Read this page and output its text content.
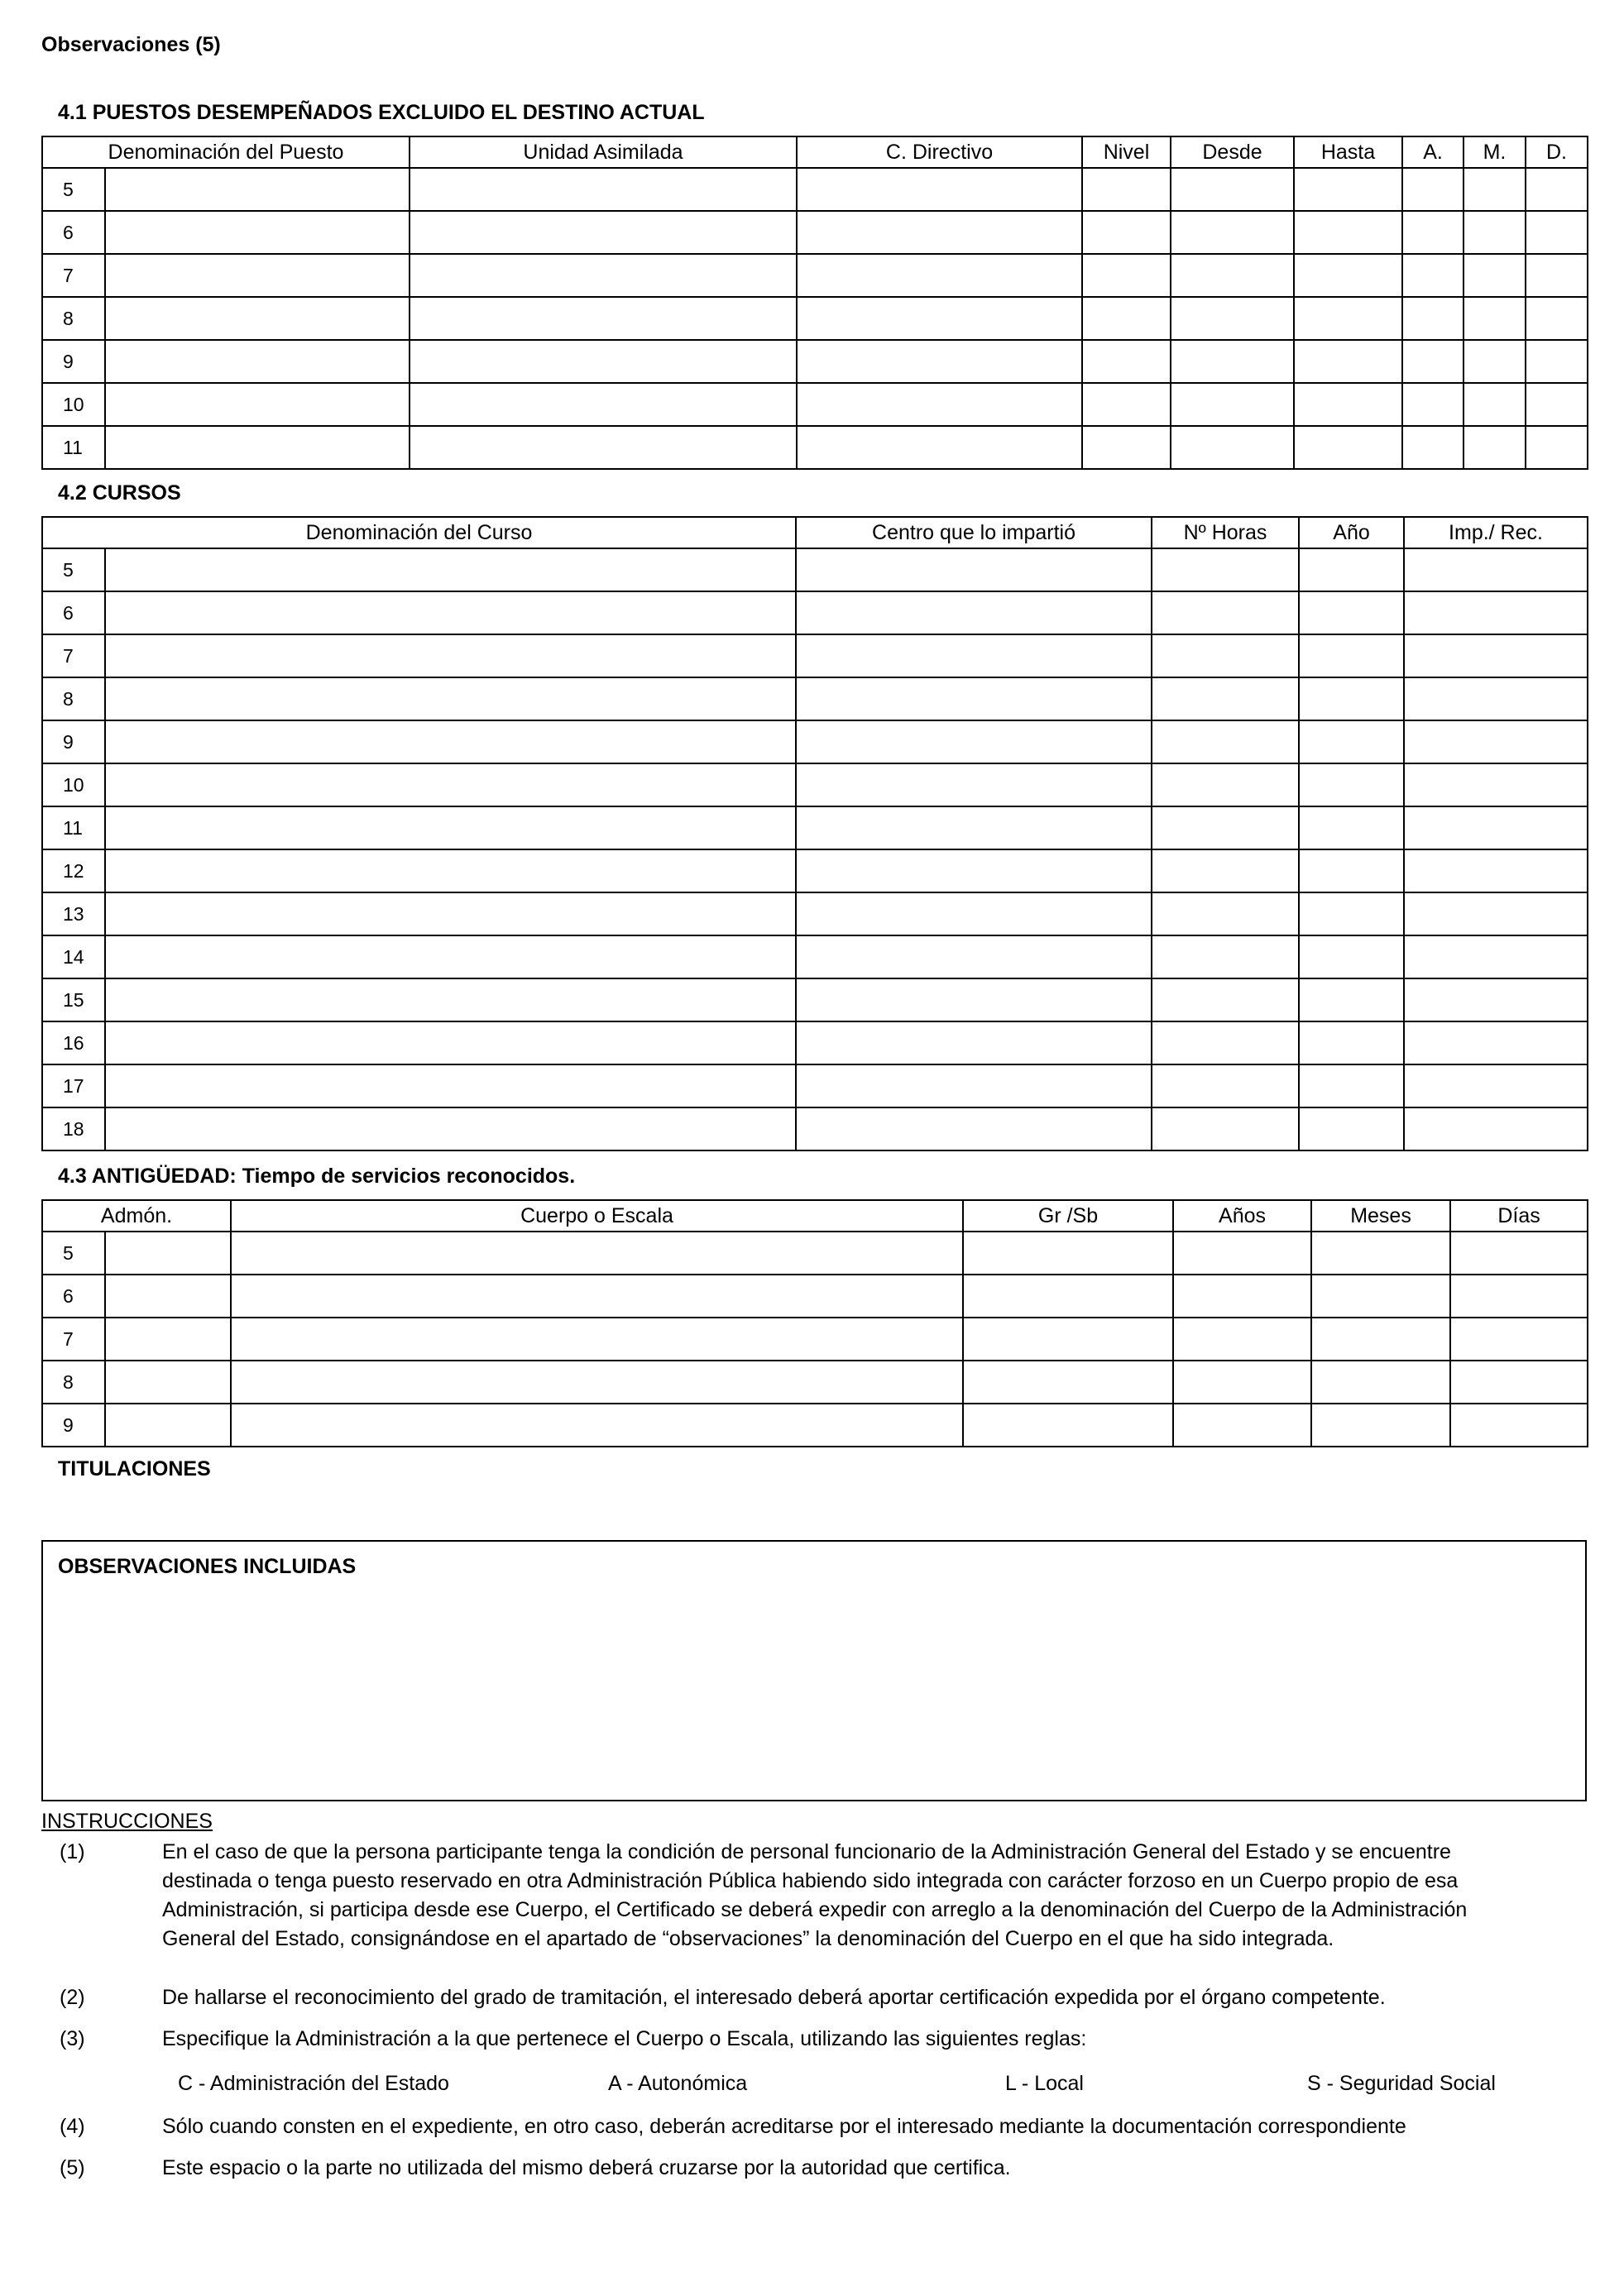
Observaciones (5)
4.1 PUESTOS DESEMPEÑADOS EXCLUIDO EL DESTINO ACTUAL
Denominación del Puesto		Unidad Asimilada	C. Directivo	Nivel	Desde	Hasta	A.	M.	D.
5									
6									
7									
8									
9									
10									
11									
4.2 CURSOS
Denominación del Curso		Centro que lo impartió	Nº Horas	Año	Imp./ Rec.
5					
6					
7					
8					
9					
10					
11					
12					
13					
14					
15					
16					
17					
18					
4.3 ANTIGÜEDAD: Tiempo de servicios reconocidos.
Admón.		Cuerpo o Escala	Gr /Sb	Años	Meses	Días
5						
6						
7						
8						
9						
TITULACIONES
OBSERVACIONES INCLUIDAS
INSTRUCCIONES
(1)	En el caso de que la persona participante tenga la condición de personal funcionario de la Administración General del Estado y se encuentre destinada o tenga puesto reservado en otra Administración Pública habiendo sido integrada con carácter forzoso en un Cuerpo propio de esa Administración, si participa desde ese Cuerpo, el Certificado se deberá expedir con arreglo a la denominación del Cuerpo de la Administración General del Estado, consignándose en el apartado de “observaciones” la denominación del Cuerpo en el que ha sido integrada.
(2)	De hallarse el reconocimiento del grado de tramitación, el interesado deberá aportar certificación expedida por el órgano competente.
(3)	Especifique la Administración a la que pertenece el Cuerpo o Escala, utilizando las siguientes reglas:
C - Administración del Estado	A - Autonómica	L - Local	S - Seguridad Social
(4)	Sólo cuando consten en el expediente, en otro caso, deberán acreditarse por el interesado mediante la documentación correspondiente
(5)	Este espacio o la parte no utilizada del mismo deberá cruzarse por la autoridad que certifica.
